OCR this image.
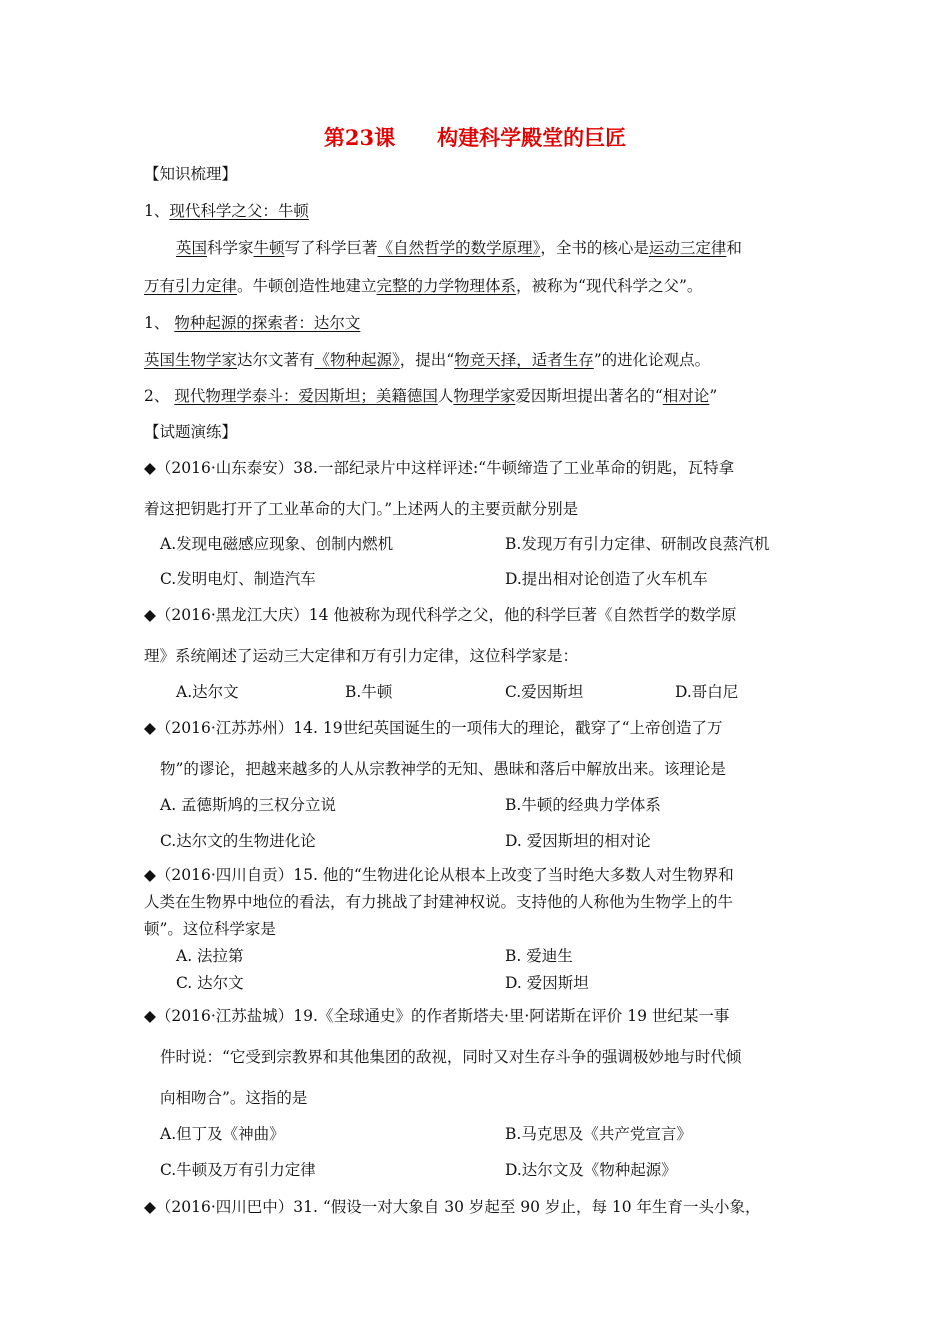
第23课 构建科学殿堂的巨匠
【知识梳理】
1、现代科学之父：牛顿
英国科学家牛顿写了科学巨著《自然哲学的数学原理》，全书的核心是运动三定律和
万有引力定律。牛顿创造性地建立完整的力学物理体系，被称为“现代科学之父”。
1、 物种起源的探索者：达尔文
英国生物学家达尔文著有《物种起源》，提出“物竞天择，适者生存”的进化论观点。
2、 现代物理学泰斗：爱因斯坦；美籍德国人物理学家爱因斯坦提出著名的“相对论”
【试题演练】
◆（2016·山东泰安）38.一部纪录片中这样评述:“牛顿缔造了工业革命的钥匙，瓦特拿
着这把钥匙打开了工业革命的大门。”上述两人的主要贡献分别是
A.发现电磁感应现象、创制内燃机	B.发现万有引力定律、研制改良蒸汽机
C.发明电灯、制造汽车	D.提出相对论创造了火车机车
◆（2016·黑龙江大庆）14 他被称为现代科学之父，他的科学巨著《自然哲学的数学原
理》系统阐述了运动三大定律和万有引力定律，这位科学家是：
A.达尔文	B.牛顿	C.爱因斯坦	D.哥白尼
◆（2016·江苏苏州）14. 19世纪英国诞生的一项伟大的理论，戳穿了“上帝创造了万
物”的谬论，把越来越多的人从宗教神学的无知、愚昧和落后中解放出来。该理论是
A. 孟德斯鸠的三权分立说	B.牛顿的经典力学体系
C.达尔文的生物进化论	D. 爱因斯坦的相对论
◆（2016·四川自贡）15. 他的“生物进化论从根本上改变了当时绝大多数人对生物界和
人类在生物界中地位的看法，有力挑战了封建神权说。支持他的人称他为生物学上的牛
顿”。这位科学家是
A. 法拉第	B. 爱迪生
C. 达尔文	D. 爱因斯坦
◆（2016·江苏盐城）19.《全球通史》的作者斯塔夫·里·阿诺斯在评价 19 世纪某一事
件时说：“它受到宗教界和其他集团的敌视，同时又对生存斗争的强调极妙地与时代倾
向相吻合”。这指的是
A.但丁及《神曲》	B.马克思及《共产党宣言》
C.牛顿及万有引力定律	D.达尔文及《物种起源》
◆（2016·四川巴中）31. “假设一对大象自 30 岁起至 90 岁止，每 10 年生育一头小象，
